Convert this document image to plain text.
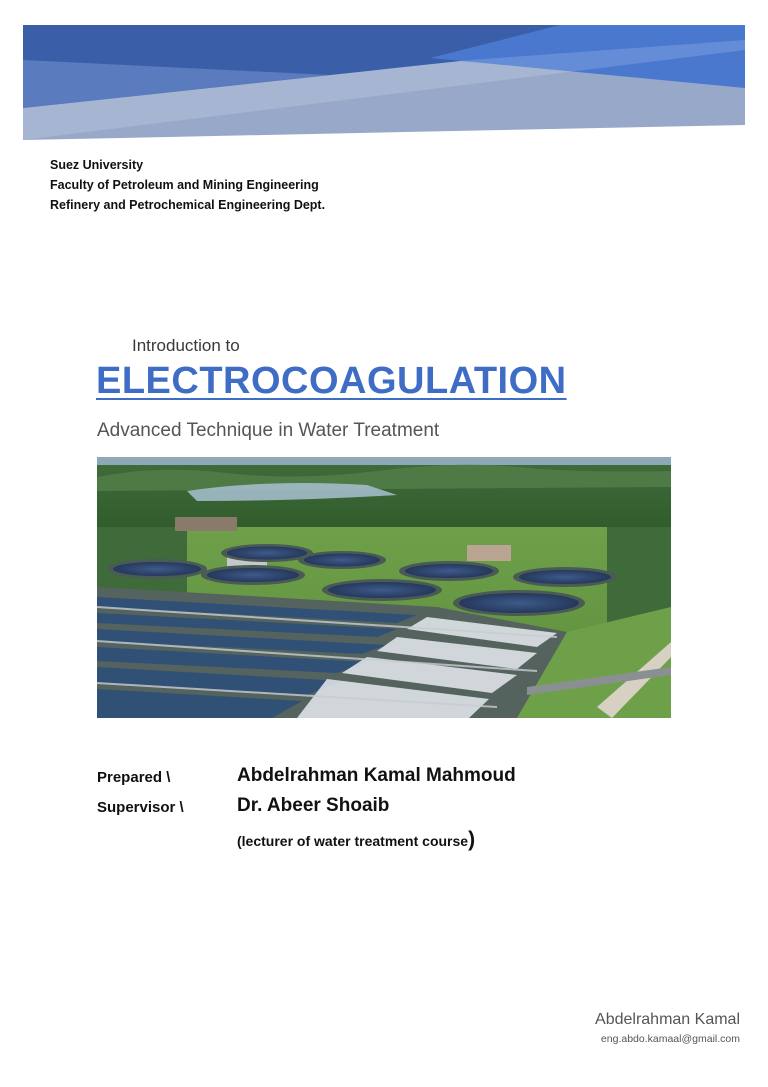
Suez University
Faculty of Petroleum and Mining Engineering
Refinery and Petrochemical Engineering Dept.
Introduction to
ELECTROCOAGULATION
Advanced Technique in Water Treatment
Prepared \	Abdelrahman Kamal Mahmoud
Supervisor \	Dr. Abeer Shoaib
(lecturer of water treatment course)
Abdelrahman Kamal
eng.abdo.kamaal@gmail.com
